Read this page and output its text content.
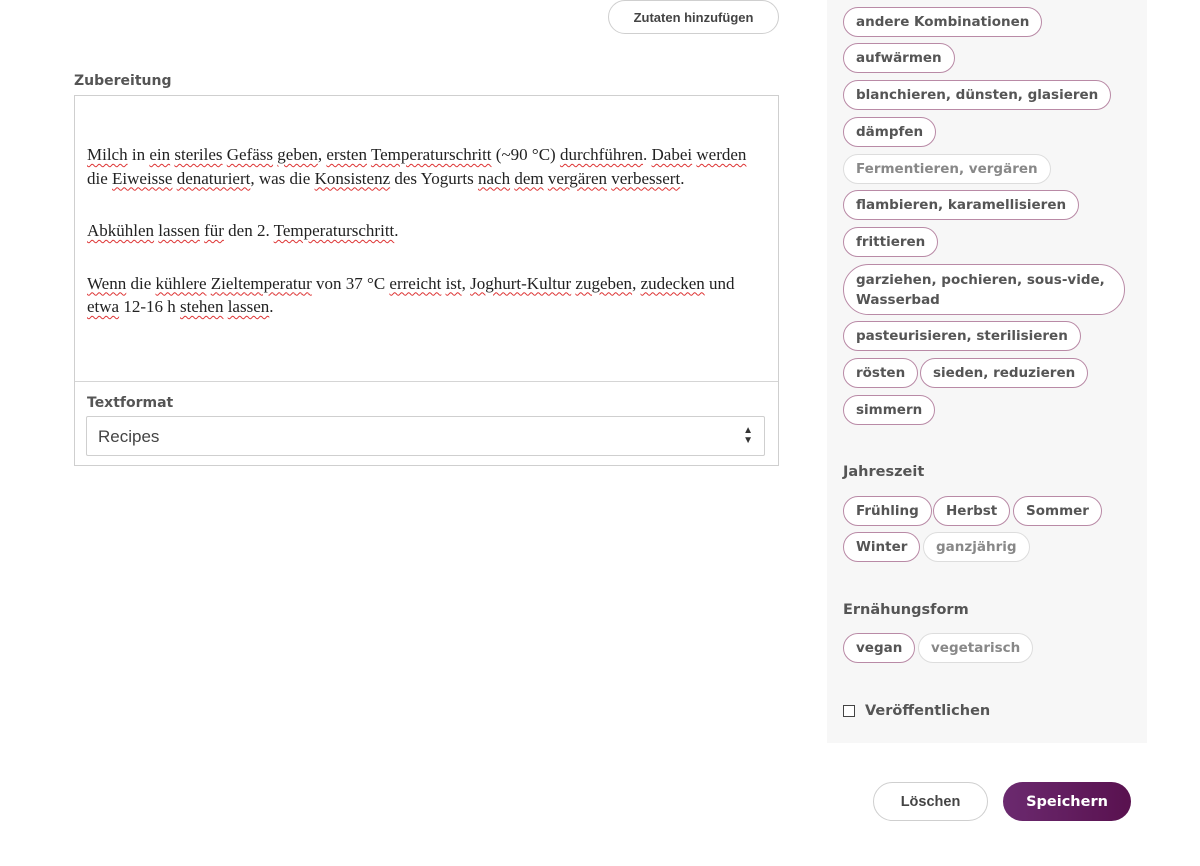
Zutaten hinzufügen
Zubereitung

Milch in ein steriles Gefäss geben, ersten Temperaturschritt (~90 °C) durchführen. Dabei werden die Eiweisse denaturiert, was die Konsistenz des Yogurts nach dem vergären verbessert.

Abkühlen lassen für den 2. Temperaturschritt.

Wenn die kühlere Zieltemperatur von 37 °C erreicht ist, Joghurt-Kultur zugeben, zudecken und etwa 12-16 h stehen lassen.

Textformat
Recipes	▲
▼
andere Kombinationen
aufwärmen
blanchieren, dünsten, glasieren
dämpfen
Fermentieren, vergären
flambieren, karamellisieren
frittieren
garziehen, pochieren, sous-vide, Wasserbad
pasteurisieren, sterilisieren
rösten	sieden, reduzieren
simmern
Jahreszeit
Frühling	Herbst	Sommer
Winter	ganzjährig
Ernähungsform
vegan	vegetarisch
Veröffentlichen
Löschen	Speichern
